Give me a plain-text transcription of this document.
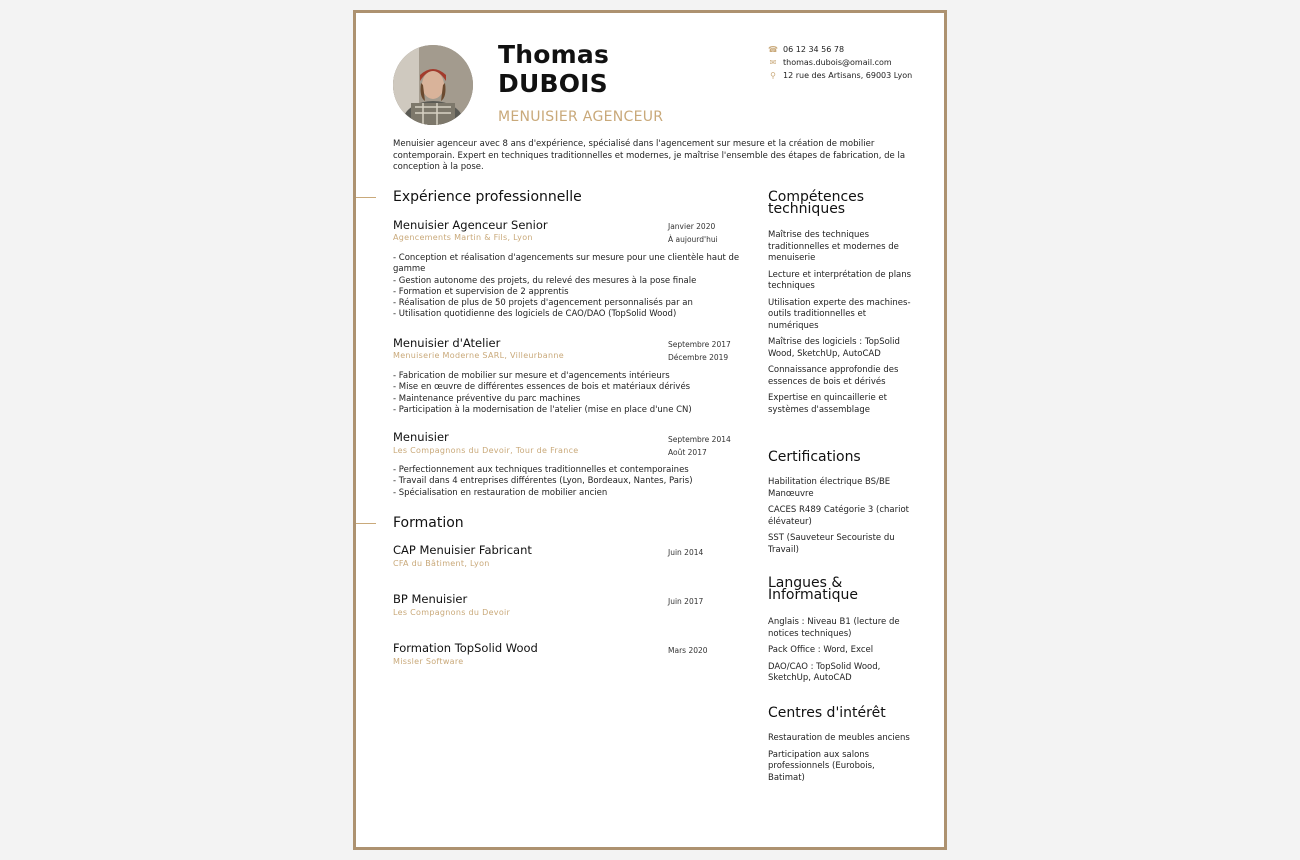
Thomas
DUBOIS
MENUISIER AGENCEUR
☎ 06 12 34 56 78
✉ thomas.dubois@omail.com
⚲ 12 rue des Artisans, 69003 Lyon
Menuisier agenceur avec 8 ans d'expérience, spécialisé dans l'agencement sur mesure et la création de mobilier contemporain. Expert en techniques traditionnelles et modernes, je maîtrise l'ensemble des étapes de fabrication, de la conception à la pose.
Expérience professionnelle
Menuisier Agenceur Senior
Agencements Martin & Fils, Lyon
Janvier 2020
À aujourd'hui
- Conception et réalisation d'agencements sur mesure pour une clientèle haut de gamme
- Gestion autonome des projets, du relevé des mesures à la pose finale
- Formation et supervision de 2 apprentis
- Réalisation de plus de 50 projets d'agencement personnalisés par an
- Utilisation quotidienne des logiciels de CAO/DAO (TopSolid Wood)
Menuisier d'Atelier
Menuiserie Moderne SARL, Villeurbanne
Septembre 2017
Décembre 2019
- Fabrication de mobilier sur mesure et d'agencements intérieurs
- Mise en œuvre de différentes essences de bois et matériaux dérivés
- Maintenance préventive du parc machines
- Participation à la modernisation de l'atelier (mise en place d'une CN)
Menuisier
Les Compagnons du Devoir, Tour de France
Septembre 2014
Août 2017
- Perfectionnement aux techniques traditionnelles et contemporaines
- Travail dans 4 entreprises différentes (Lyon, Bordeaux, Nantes, Paris)
- Spécialisation en restauration de mobilier ancien
Formation
CAP Menuisier Fabricant
CFA du Bâtiment, Lyon
Juin 2014
BP Menuisier
Les Compagnons du Devoir
Juin 2017
Formation TopSolid Wood
Missler Software
Mars 2020
Compétences
techniques
Maîtrise des techniques traditionnelles et modernes de menuiserie
Lecture et interprétation de plans techniques
Utilisation experte des machines-outils traditionnelles et numériques
Maîtrise des logiciels : TopSolid Wood, SketchUp, AutoCAD
Connaissance approfondie des essences de bois et dérivés
Expertise en quincaillerie et systèmes d'assemblage
Certifications
Habilitation électrique BS/BE Manœuvre
CACES R489 Catégorie 3 (chariot élévateur)
SST (Sauveteur Secouriste du Travail)
Langues &
Informatique
Anglais : Niveau B1 (lecture de notices techniques)
Pack Office : Word, Excel
DAO/CAO : TopSolid Wood, SketchUp, AutoCAD
Centres d'intérêt
Restauration de meubles anciens
Participation aux salons professionnels (Eurobois, Batimat)
